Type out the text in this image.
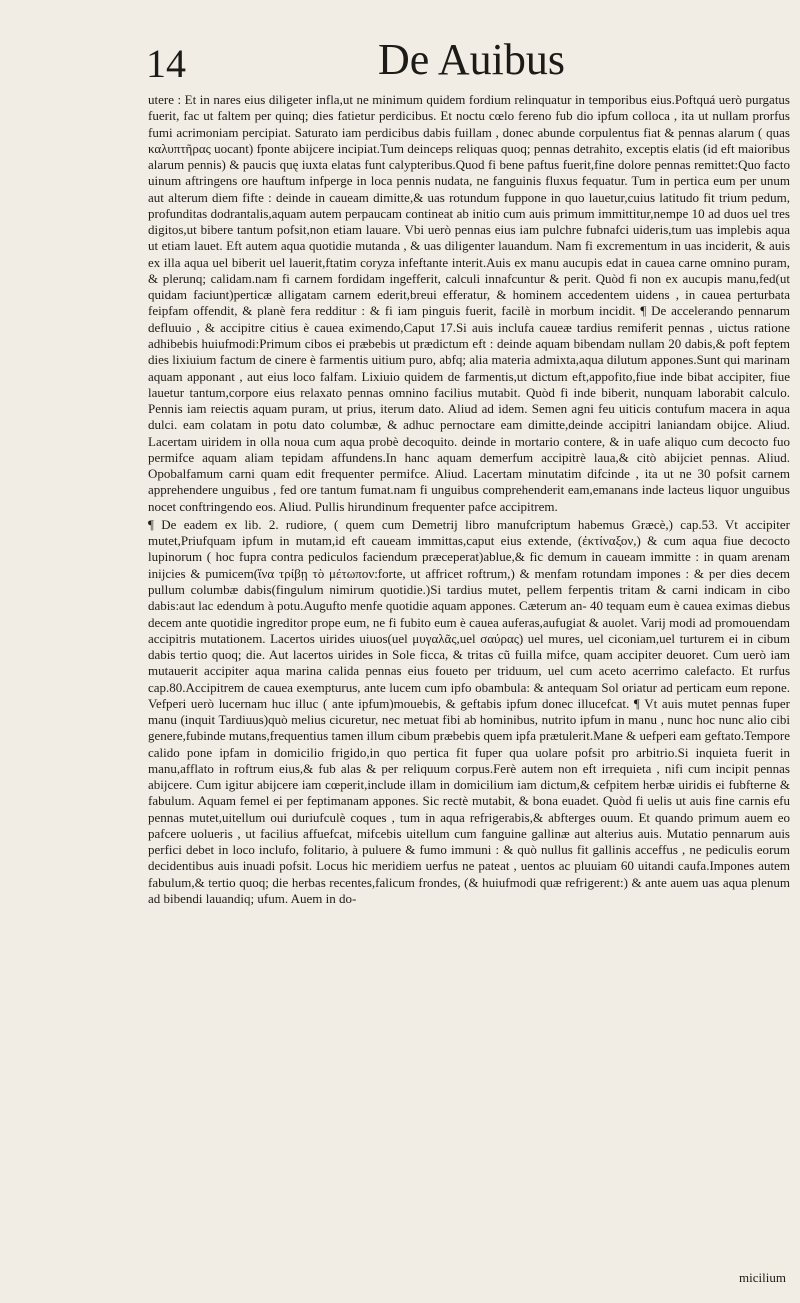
14	De Auibus

utere : Et in nares eius diligeter infla,ut ne minimum quidem fordium relinquatur in temporibus eius.Poftquá uerò purgatus fuerit, fac ut faltem per quinq; dies fatietur perdicibus. Et noctu cœlo fereno fub dio ipfum colloca , ita ut nullam prorfus fumi acrimoniam percipiat. Saturato iam perdicibus dabis fuillam , donec abunde corpulentus fiat & pennas alarum ( quas καλυπτῆρας uocant) fponte abijcere incipiat.Tum deinceps reliquas quoq; pennas detrahito, exceptis elatis (id eft maioribus alarum pennis) & paucis quę iuxta elatas funt calypteribus.Quod fi bene paftus fuerit,fine dolore pennas remittet:Quo facto uinum aftringens ore hauftum infperge in loca pennis nudata, ne fanguinis fluxus fequatur. Tum in pertica eum per unum aut alterum diem fifte : deinde in caueam dimitte,& uas rotundum fuppone in quo lauetur,cuius latitudo fit trium pedum, profunditas dodrantalis,aquam autem perpaucam contineat ab initio cum auis primum immittitur,nempe 10 ad duos uel tres digitos,ut bibere tantum pofsit,non etiam lauare. Vbi uerò pennas eius iam pulchre fubnafci uideris,tum uas implebis aqua ut etiam lauet. Eft autem aqua quotidie mutanda , & uas diligenter lauandum. Nam fi excrementum in uas inciderit, & auis ex illa aqua uel biberit uel lauerit,ftatim coryza infeftante interit.Auis ex manu aucupis edat in cauea carne omnino puram, & plerunq; calidam.nam fi carnem fordidam ingefferit, calculi innafcuntur & perit. Quòd fi non ex aucupis manu,fed(ut quidam faciunt)perticæ alligatam carnem ederit,breui efferatur, & hominem accedentem uidens , in cauea perturbata feipfam offendit, & planè fera redditur : & fi iam pinguis fuerit, facilè in morbum incidit. ¶ De accelerando pennarum defluuio , & accipitre citius è cauea eximendo,Caput 17.Si auis inclufa caueæ tardius remiferit pennas , uictus ratione adhibebis huiufmodi:Primum cibos ei præbebis ut prædictum eft : deinde aquam bibendam nullam 20 dabis,& poft feptem dies lixiuium factum de cinere è farmentis uitium puro, abfq; alia materia admixta,aqua dilutum appones.Sunt qui marinam aquam apponant , aut eius loco falfam. Lixiuio quidem de farmentis,ut dictum eft,appofito,fiue inde bibat accipiter, fiue lauetur tantum,corpore eius relaxato pennas omnino facilius mutabit. Quòd fi inde biberit, nunquam laborabit calculo. Pennis iam reiectis aquam puram, ut prius, iterum dato. Aliud ad idem. Semen agni feu uiticis contufum macera in aqua dulci. eam colatam in potu dato columbæ, & adhuc pernoctare eam dimitte,deinde accipitri laniandam obijce. Aliud. Lacertam uiridem in olla noua cum aqua probè decoquito. deinde in mortario contere, & in uafe aliquo cum decocto fuo permifce aquam aliam tepidam affundens.In hanc aquam demerfum accipitrè laua,& citò abijciet pennas. Aliud. Opobalfamum carni quam edit frequenter permifce. Aliud. Lacertam minutatim difcinde , ita ut ne 30 pofsit carnem apprehendere unguibus , fed ore tantum fumat.nam fi unguibus comprehenderit eam,emanans inde lacteus liquor unguibus nocet conftringendo eos. Aliud. Pullis hirundinum frequenter pafce accipitrem.

¶ De eadem ex lib. 2. rudiore, ( quem cum Demetrij libro manufcriptum habemus Græcè,) cap.53. Vt accipiter mutet,Priufquam ipfum in mutam,id eft caueam immittas,caput eius extende, (ἐκτίναξον,) & cum aqua fiue decocto lupinorum ( hoc fupra contra pediculos faciendum præceperat)ablue,& fic demum in caueam immitte : in quam arenam inijcies & pumicem(ἵνα τρίβῃ τὸ μέτωπον:forte, ut affricet roftrum,) & menfam rotundam impones : & per dies decem pullum columbæ dabis(fingulum nimirum quotidie.)Si tardius mutet, pellem ferpentis tritam & carni indicam in cibo dabis:aut lac edendum à potu.Augufto menfe quotidie aquam appones. Cæterum an- 40 tequam eum è cauea eximas diebus decem ante quotidie ingreditor prope eum, ne fi fubito eum è cauea auferas,aufugiat & auolet. Varij modi ad promouendam accipitris mutationem. Lacertos uirides uiuos(uel μυγαλᾶς,uel σαύρας) uel mures, uel ciconiam,uel turturem ei in cibum dabis tertio quoq; die. Aut lacertos uirides in Sole ficca, & tritas cũ fuilla mifce, quam accipiter deuoret. Cum uerò iam mutauerit accipiter aqua marina calida pennas eius foueto per triduum, uel cum aceto acerrimo calefacto. Et rurfus cap.80.Accipitrem de cauea exempturus, ante lucem cum ipfo obambula: & antequam Sol oriatur ad perticam eum repone. Vefperi uerò lucernam huc illuc ( ante ipfum)mouebis, & geftabis ipfum donec illucefcat. ¶ Vt auis mutet pennas fuper manu (inquit Tardiuus)quò melius cicuretur, nec metuat fibi ab hominibus, nutrito ipfum in manu , nunc hoc nunc alio cibi genere,fubinde mutans,frequentius tamen illum cibum præbebis quem ipfa prætulerit.Mane & uefperi eam geftato.Tempore calido pone ipfam in domicilio frigido,in quo pertica fit fuper qua uolare pofsit pro arbitrio.Si inquieta fuerit in manu,afflato in roftrum eius,& fub alas & per reliquum corpus.Ferè autem non eft irrequieta , nifi cum incipit pennas abijcere. Cum igitur abijcere iam cœperit,include illam in domicilium iam dictum,& cefpitem herbæ uiridis ei fubfterne & fabulum. Aquam femel ei per feptimanam appones. Sic rectè mutabit, & bona euadet. Quòd fi uelis ut auis fine carnis efu pennas mutet,uitellum oui duriufculè coques , tum in aqua refrigerabis,& abfterges ouum. Et quando primum auem eo pafcere uolueris , ut facilius affuefcat, mifcebis uitellum cum fanguine gallinæ aut alterius auis. Mutatio pennarum auis perfici debet in loco inclufo, folitario, à puluere & fumo immuni : & quò nullus fit gallinis acceffus , ne pediculis eorum decidentibus auis inuadi pofsit. Locus hic meridiem uerfus ne pateat , uentos ac pluuiam 60 uitandi caufa.Impones autem fabulum,& tertio quoq; die herbas recentes,falicum frondes, (& huiufmodi quæ refrigerent:) & ante auem uas aqua plenum ad bibendi lauandiq; ufum. Auem in do-

micilium
